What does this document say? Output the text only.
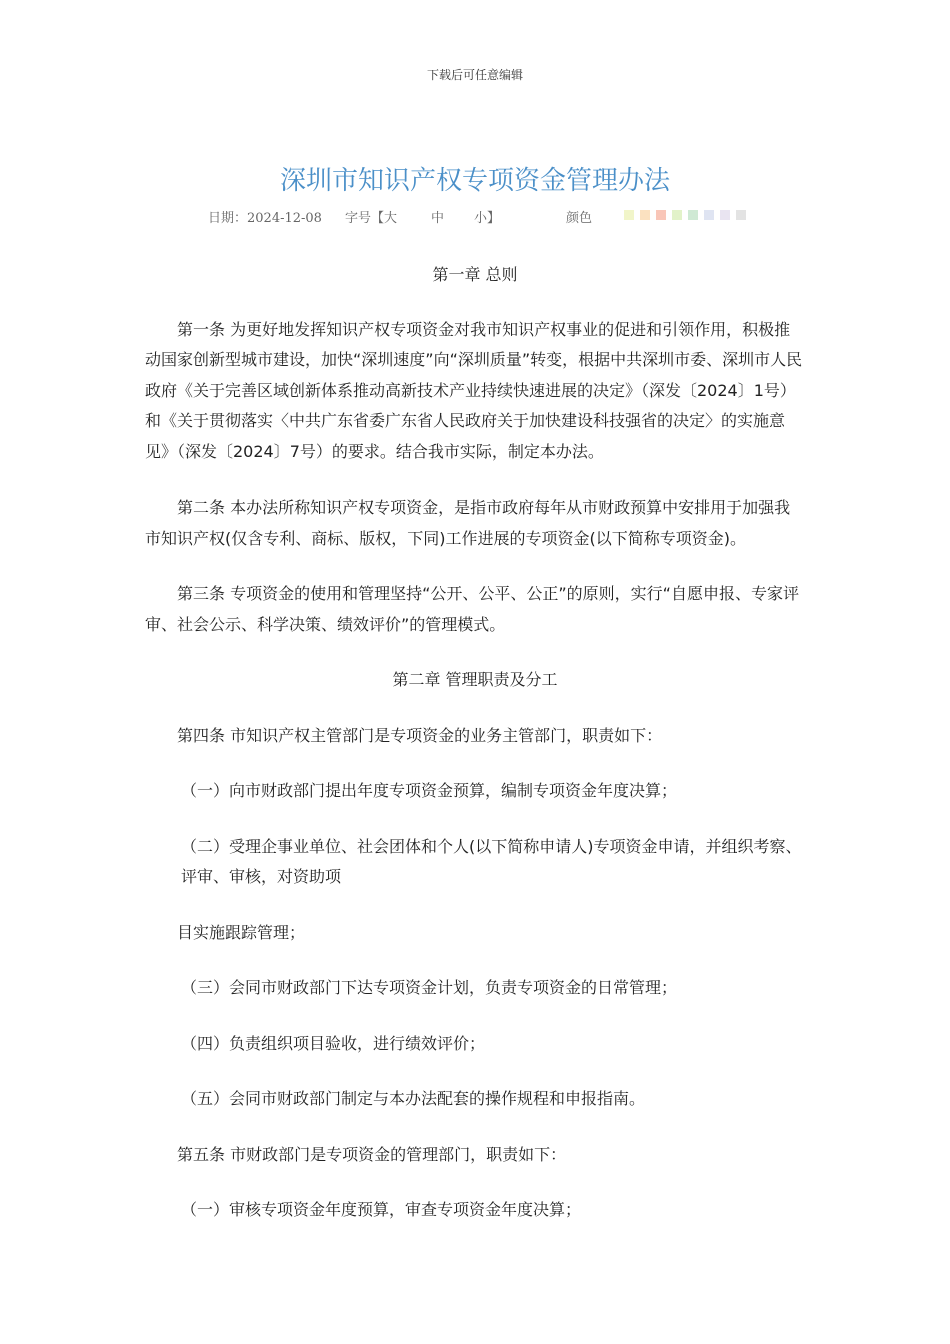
下载后可任意编辑
深圳市知识产权专项资金管理办法
日期：2024-12-08 字号【大	中 小】	颜色

第一章 总则

第一条 为更好地发挥知识产权专项资金对我市知识产权事业的促进和引领作用，积极推动国家创新型城市建设，加快“深圳速度”向“深圳质量”转变，根据中共深圳市委、深圳市人民政府《关于完善区域创新体系推动高新技术产业持续快速进展的决定》（深发〔2024〕1号）和《关于贯彻落实〈中共广东省委广东省人民政府关于加快建设科技强省的决定〉的实施意见》（深发〔2024〕7号）的要求。结合我市实际，制定本办法。

第二条 本办法所称知识产权专项资金，是指市政府每年从市财政预算中安排用于加强我市知识产权(仅含专利、商标、版权，下同)工作进展的专项资金(以下简称专项资金)。

第三条 专项资金的使用和管理坚持“公开、公平、公正”的原则，实行“自愿申报、专家评审、社会公示、科学决策、绩效评价”的管理模式。

第二章 管理职责及分工

第四条 市知识产权主管部门是专项资金的业务主管部门，职责如下：

（一）向市财政部门提出年度专项资金预算，编制专项资金年度决算；

（二）受理企事业单位、社会团体和个人(以下简称申请人)专项资金申请，并组织考察、评审、审核，对资助项

目实施跟踪管理；

（三）会同市财政部门下达专项资金计划，负责专项资金的日常管理；

（四）负责组织项目验收，进行绩效评价；

（五）会同市财政部门制定与本办法配套的操作规程和申报指南。

第五条 市财政部门是专项资金的管理部门，职责如下：

（一）审核专项资金年度预算，审查专项资金年度决算；
